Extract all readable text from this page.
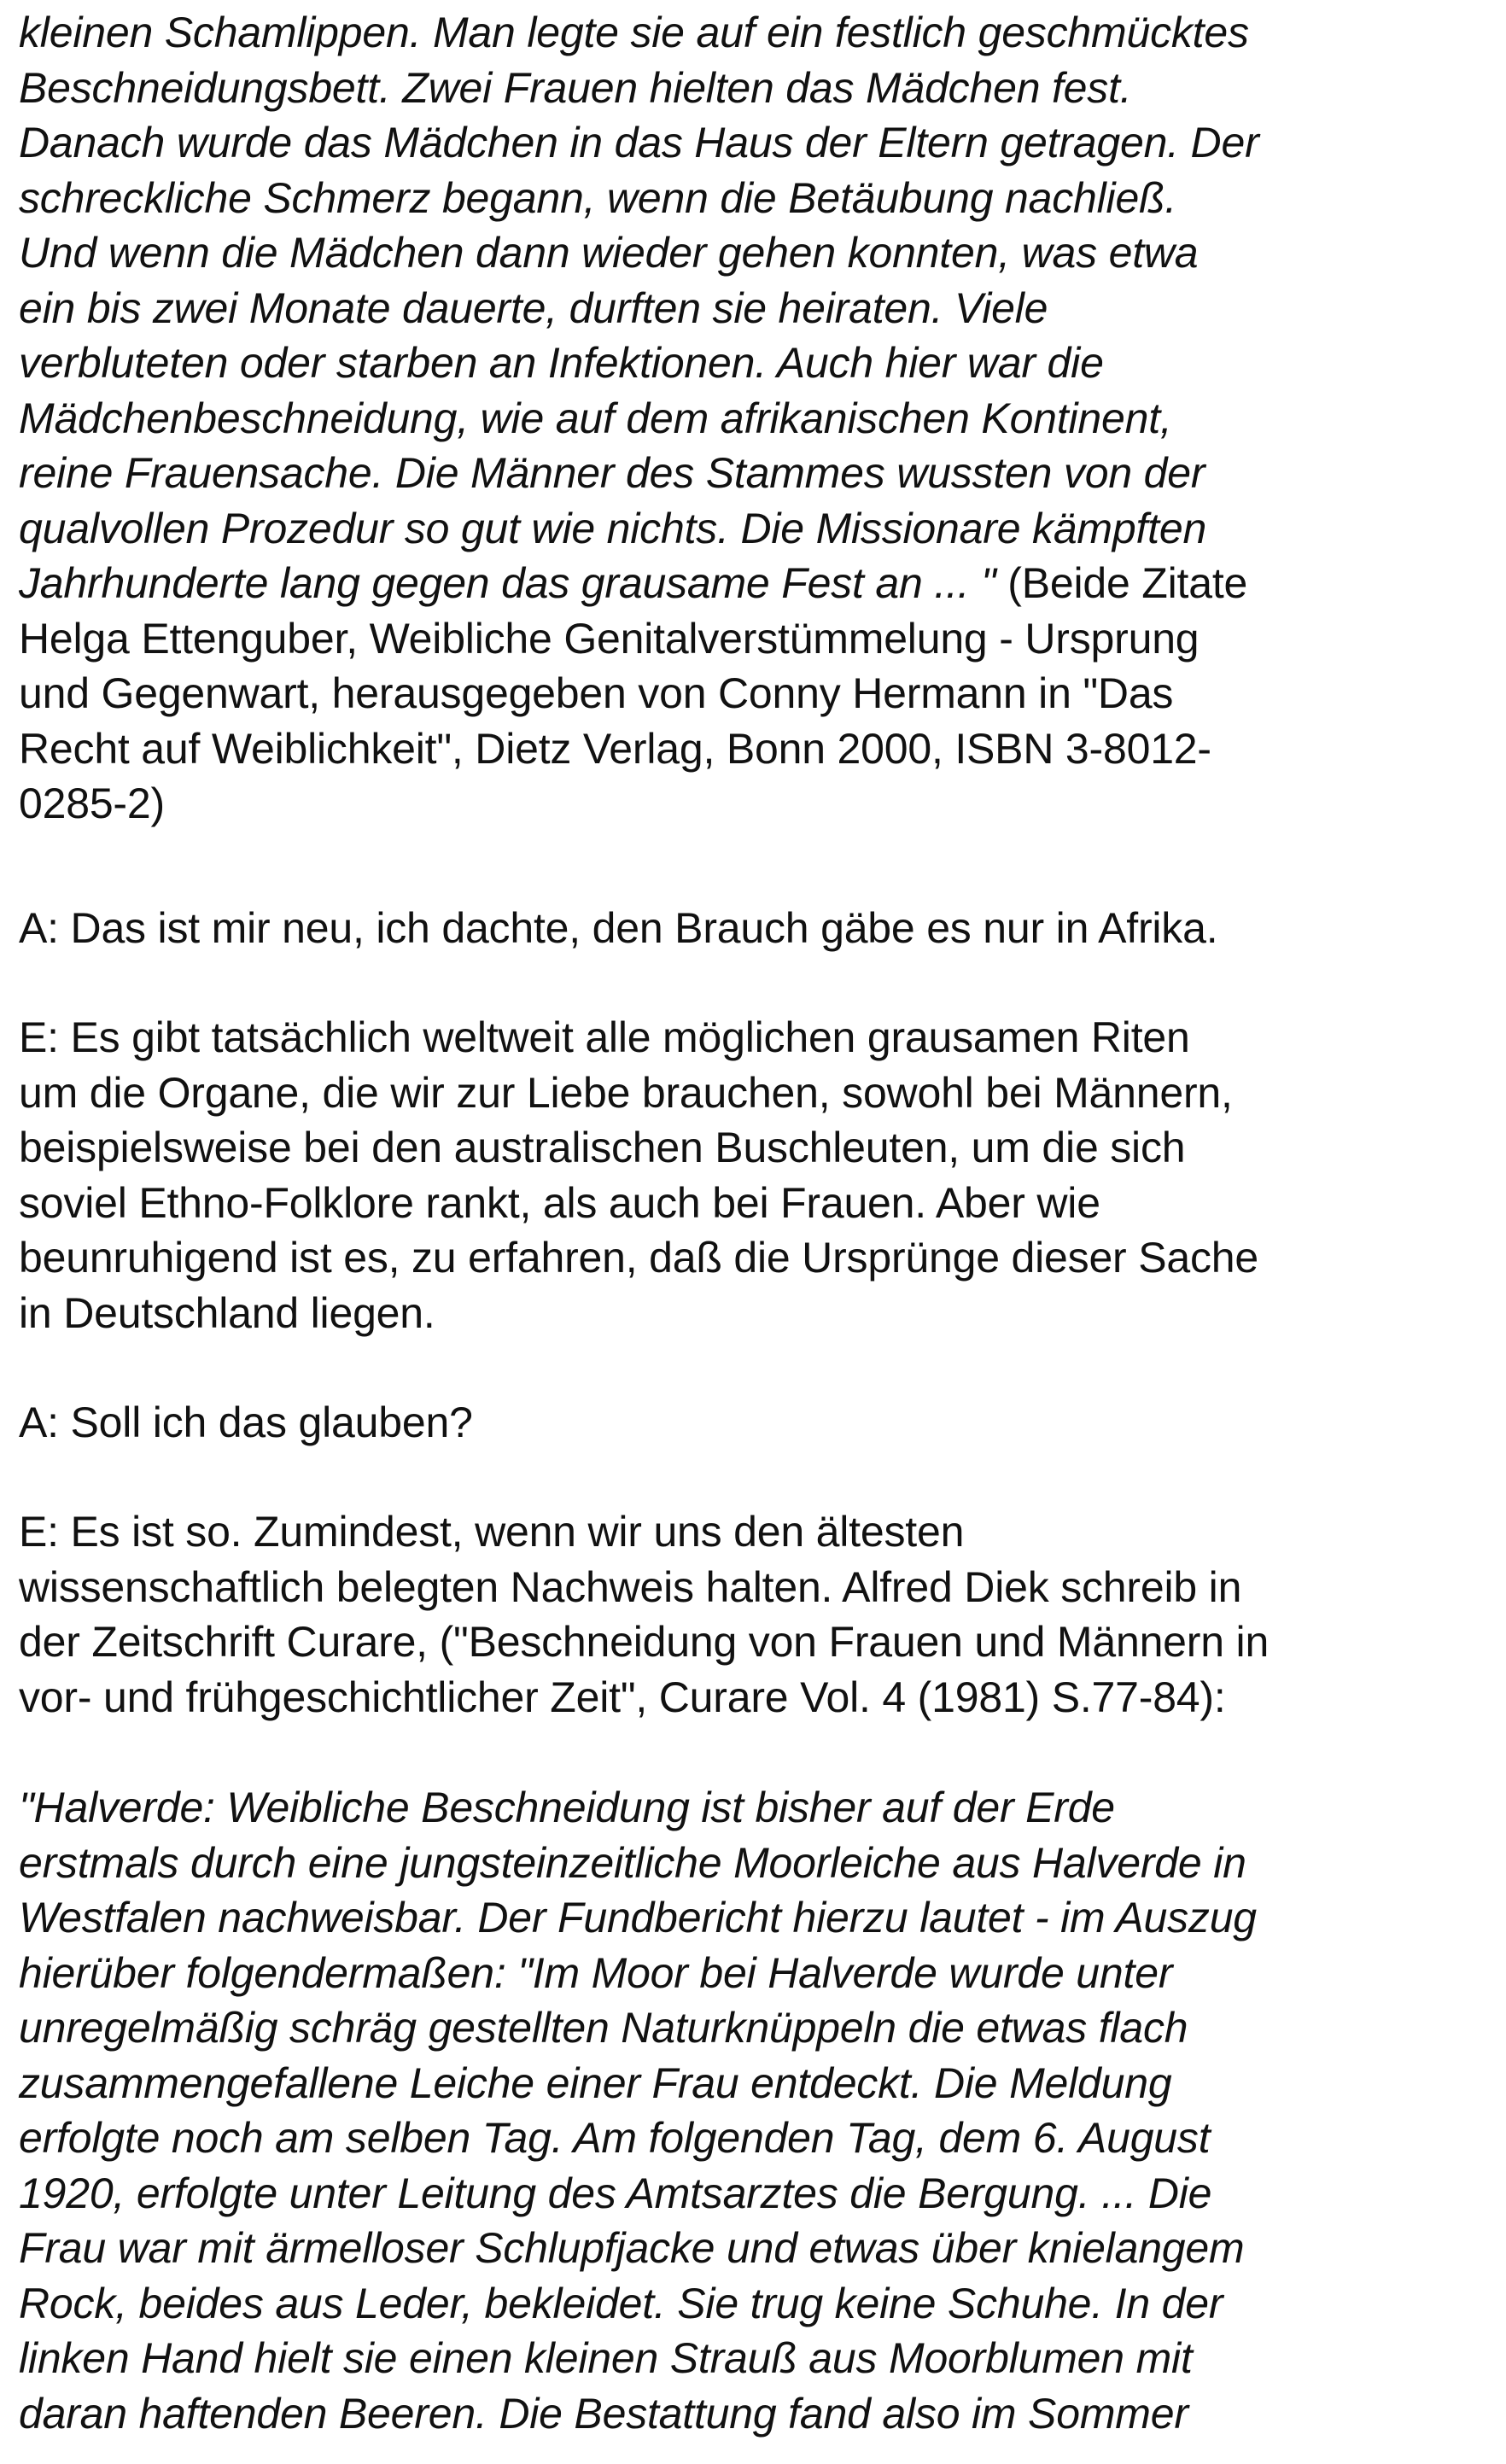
kleinen Schamlippen. Man legte sie auf ein festlich geschmücktes
Beschneidungsbett. Zwei Frauen hielten das Mädchen fest.
Danach wurde das Mädchen in das Haus der Eltern getragen. Der
schreckliche Schmerz begann, wenn die Betäubung nachließ.
Und wenn die Mädchen dann wieder gehen konnten, was etwa
ein bis zwei Monate dauerte, durften sie heiraten. Viele
verbluteten oder starben an Infektionen. Auch hier war die
Mädchenbeschneidung, wie auf dem afrikanischen Kontinent,
reine Frauensache. Die Männer des Stammes wussten von der
qualvollen Prozedur so gut wie nichts. Die Missionare kämpften
Jahrhunderte lang gegen das grausame Fest an ... " (Beide Zitate
Helga Ettenguber, Weibliche Genitalverstümmelung - Ursprung
und Gegenwart, herausgegeben von Conny Hermann in "Das
Recht auf Weiblichkeit", Dietz Verlag, Bonn 2000, ISBN 3-8012-
0285-2)
A: Das ist mir neu, ich dachte, den Brauch gäbe es nur in Afrika.
E: Es gibt tatsächlich weltweit alle möglichen grausamen Riten
um die Organe, die wir zur Liebe brauchen, sowohl bei Männern,
beispielsweise bei den australischen Buschleuten, um die sich
soviel Ethno-Folklore rankt, als auch bei Frauen. Aber wie
beunruhigend ist es, zu erfahren, daß die Ursprünge dieser Sache
in Deutschland liegen.
A: Soll ich das glauben?
E: Es ist so. Zumindest, wenn wir uns den ältesten
wissenschaftlich belegten Nachweis halten. Alfred Diek schreib in
der Zeitschrift Curare, ("Beschneidung von Frauen und Männern in
vor- und frühgeschichtlicher Zeit", Curare Vol. 4 (1981) S.77-84):
"Halverde: Weibliche Beschneidung ist bisher auf der Erde
erstmals durch eine jungsteinzeitliche Moorleiche aus Halverde in
Westfalen nachweisbar. Der Fundbericht hierzu lautet - im Auszug
hierüber folgendermaßen: "Im Moor bei Halverde wurde unter
unregelmäßig schräg gestellten Naturknüppeln die etwas flach
zusammengefallene Leiche einer Frau entdeckt. Die Meldung
erfolgte noch am selben Tag. Am folgenden Tag, dem 6. August
1920, erfolgte unter Leitung des Amtsarztes die Bergung. ... Die
Frau war mit ärmelloser Schlupfjacke und etwas über knielangem
Rock, beides aus Leder, bekleidet. Sie trug keine Schuhe. In der
linken Hand hielt sie einen kleinen Strauß aus Moorblumen mit
daran haftenden Beeren. Die Bestattung fand also im Sommer
